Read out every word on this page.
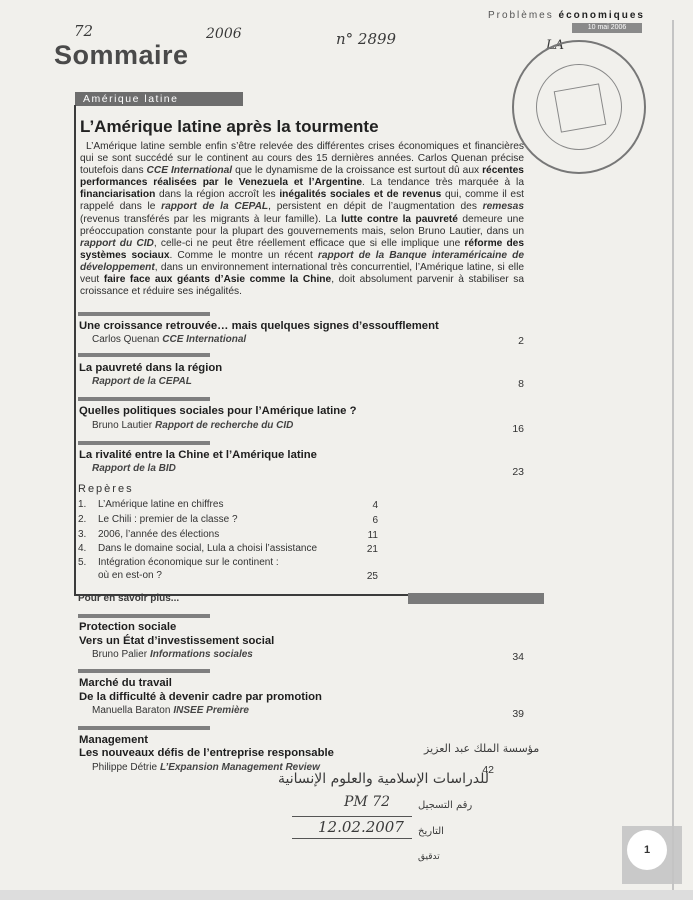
Problèmes économiques
10 mai 2006
72	2006	n° 2899	LA
Sommaire
Amérique latine
L’Amérique latine après la tourmente
L’Amérique latine semble enfin s’être relevée des différentes crises économiques et financières qui se sont succédé sur le continent au cours des 15 dernières années. Carlos Quenan précise toutefois dans CCE International que le dynamisme de la croissance est surtout dû aux récentes performances réalisées par le Venezuela et l’Argentine. La tendance très marquée à la financiarisation dans la région accroît les inégalités sociales et de revenus qui, comme il est rappelé dans le rapport de la CEPAL, persistent en dépit de l’augmentation des remesas (revenus transférés par les migrants à leur famille). La lutte contre la pauvreté demeure une préoccupation constante pour la plupart des gouvernements mais, selon Bruno Lautier, dans un rapport du CID, celle-ci ne peut être réellement efficace que si elle implique une réforme des systèmes sociaux. Comme le montre un récent rapport de la Banque interaméricaine de développement, dans un environnement international très concurrentiel, l’Amérique latine, si elle veut faire face aux géants d’Asie comme la Chine, doit absolument parvenir à stabiliser sa croissance et réduire ses inégalités.
Une croissance retrouvée… mais quelques signes d’essoufflement
Carlos Quenan CCE International	2
La pauvreté dans la région
Rapport de la CEPAL	8
Quelles politiques sociales pour l’Amérique latine ?
Bruno Lautier Rapport de recherche du CID	16
La rivalité entre la Chine et l’Amérique latine
Rapport de la BID	23
Repères
1. L’Amérique latine en chiffres	4
2. Le Chili : premier de la classe ?	6
3. 2006, l’année des élections	11
4. Dans le domaine social, Lula a choisi l’assistance	21
5. Intégration économique sur le continent :
où en est-on ?	25
Pour en savoir plus...
Protection sociale
Vers un État d’investissement social
Bruno Palier Informations sociales	34
Marché du travail
De la difficulté à devenir cadre par promotion
Manuella Baraton INSEE Première	39
Management
Les nouveaux défis de l’entreprise responsable
Philippe Détrie L’Expansion Management Review	42
مؤسسة الملك عبد العزيز
للدراسات الإسلامية والعلوم الإنسانية
رقم التسجيل
PM 72
التاريخ
12.02.2007
تدقيق
1
